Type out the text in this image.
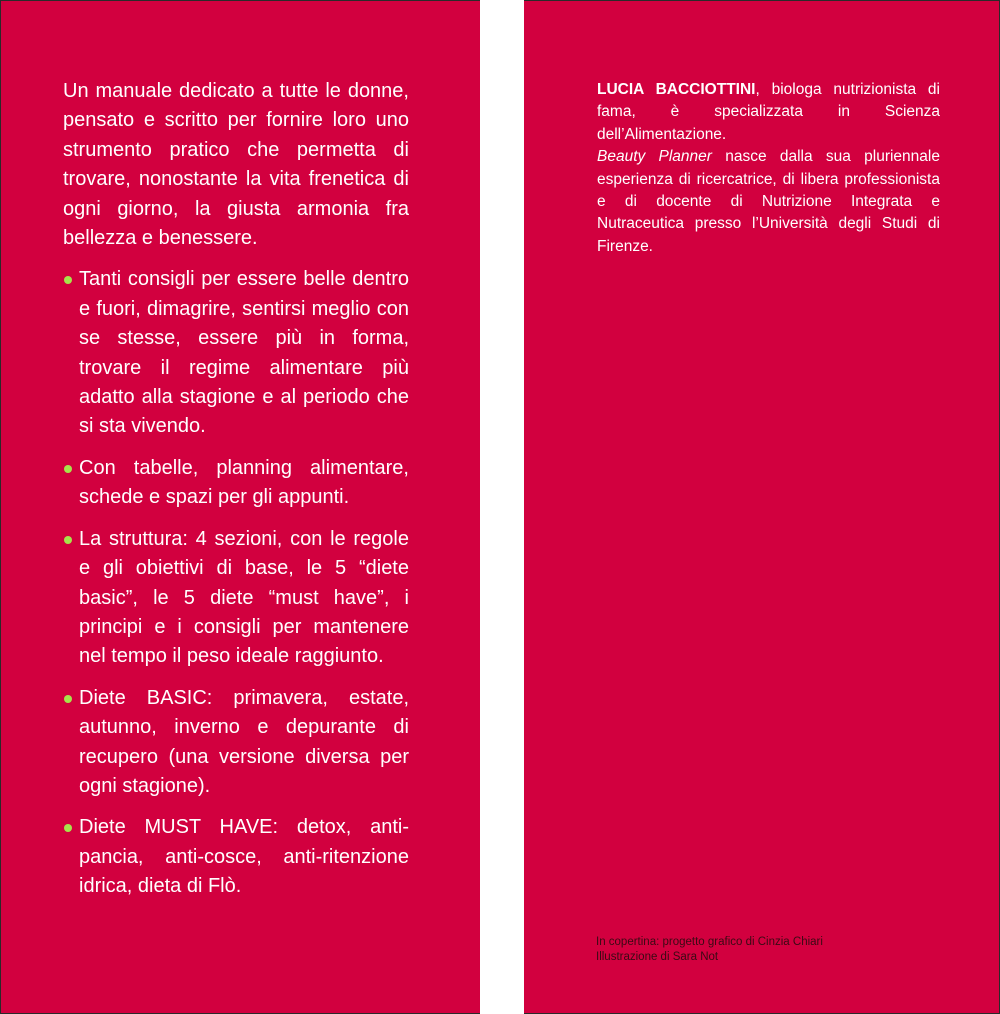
Un manuale dedicato a tutte le donne, pensato e scritto per fornire loro uno strumento pratico che permetta di trovare, nonostante la vita frenetica di ogni giorno, la giusta armonia fra bellezza e benessere.

Tanti consigli per essere belle dentro e fuori, dimagrire, sentirsi meglio con se stesse, essere più in forma, trovare il regime alimentare più adatto alla stagione e al periodo che si sta vivendo.
Con tabelle, planning alimentare, schede e spazi per gli appunti.
La struttura: 4 sezioni, con le regole e gli obiettivi di base, le 5 “diete basic”, le 5 diete “must have”, i principi e i consigli per mantenere nel tempo il peso ideale raggiunto.
Diete BASIC: primavera, estate, autunno, inverno e depurante di recupero (una versione diversa per ogni stagione).
Diete MUST HAVE: detox, anti-pancia, anti-cosce, anti-ritenzione idrica, dieta di Flò.

LUCIA BACCIOTTINI, biologa nutrizionista di fama, è specializzata in Scienza dell’Alimentazione.

Beauty Planner nasce dalla sua pluriennale esperienza di ricercatrice, di libera professionista e di docente di Nutrizione Integrata e Nutraceutica presso l’Università degli Studi di Firenze.

In copertina: progetto grafico di Cinzia Chiari
Illustrazione di Sara Not
